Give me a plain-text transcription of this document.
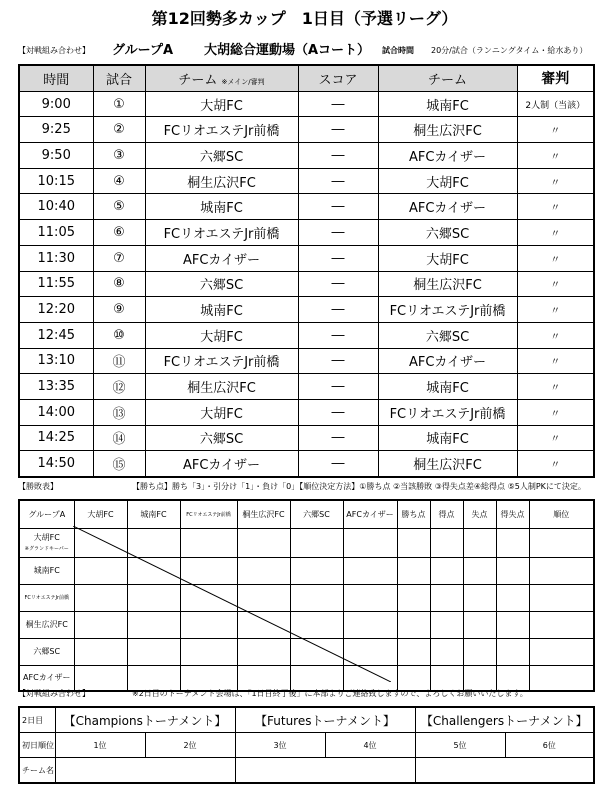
第12回勢多カップ　1日目（予選リーグ）
【対戦組み合わせ】 グループA 大胡総合運動場（Aコート） 試合時間 20分/試合（ランニングタイム・給水あり）
時間	試合	チーム ※メイン/審判	スコア	チーム	審判
9:00	①	大胡FC	―	城南FC	2人制（当該）
9:25	②	FCリオエステJr前橋	―	桐生広沢FC	〃
9:50	③	六郷SC	―	AFCカイザー	〃
10:15	④	桐生広沢FC	―	大胡FC	〃
10:40	⑤	城南FC	―	AFCカイザー	〃
11:05	⑥	FCリオエステJr前橋	―	六郷SC	〃
11:30	⑦	AFCカイザー	―	大胡FC	〃
11:55	⑧	六郷SC	―	桐生広沢FC	〃
12:20	⑨	城南FC	―	FCリオエステJr前橋	〃
12:45	⑩	大胡FC	―	六郷SC	〃
13:10	⑪	FCリオエステJr前橋	―	AFCカイザー	〃
13:35	⑫	桐生広沢FC	―	城南FC	〃
14:00	⑬	大胡FC	―	FCリオエステJr前橋	〃
14:25	⑭	六郷SC	―	城南FC	〃
14:50	⑮	AFCカイザー	―	桐生広沢FC	〃
【勝敗表】	【勝ち点】勝ち「3」・引分け「1」・負け「0」【順位決定方法】①勝ち点 ②当該勝敗 ③得失点差④総得点 ⑤5人制PKにて決定。
グループA	大胡FC	城南FC	FCリオエステJr前橋	桐生広沢FC	六郷SC	AFCカイザー	勝ち点	得点	失点	得失点	順位
大胡FC
※グランドキーパー											
城南FC											
FCリオエステJr前橋											
桐生広沢FC											
六郷SC											
AFCカイザー											
【対戦組み合わせ】	※2日目のトーナメント会場は、「1日目終了後」に本部よりご連絡致しますので、よろしくお願いいたします。
2日目	【Championsトーナメント】		【Futuresトーナメント】		【Challengersトーナメント】	
初日順位	1位	2位	3位	4位	5位	6位
チーム名						
